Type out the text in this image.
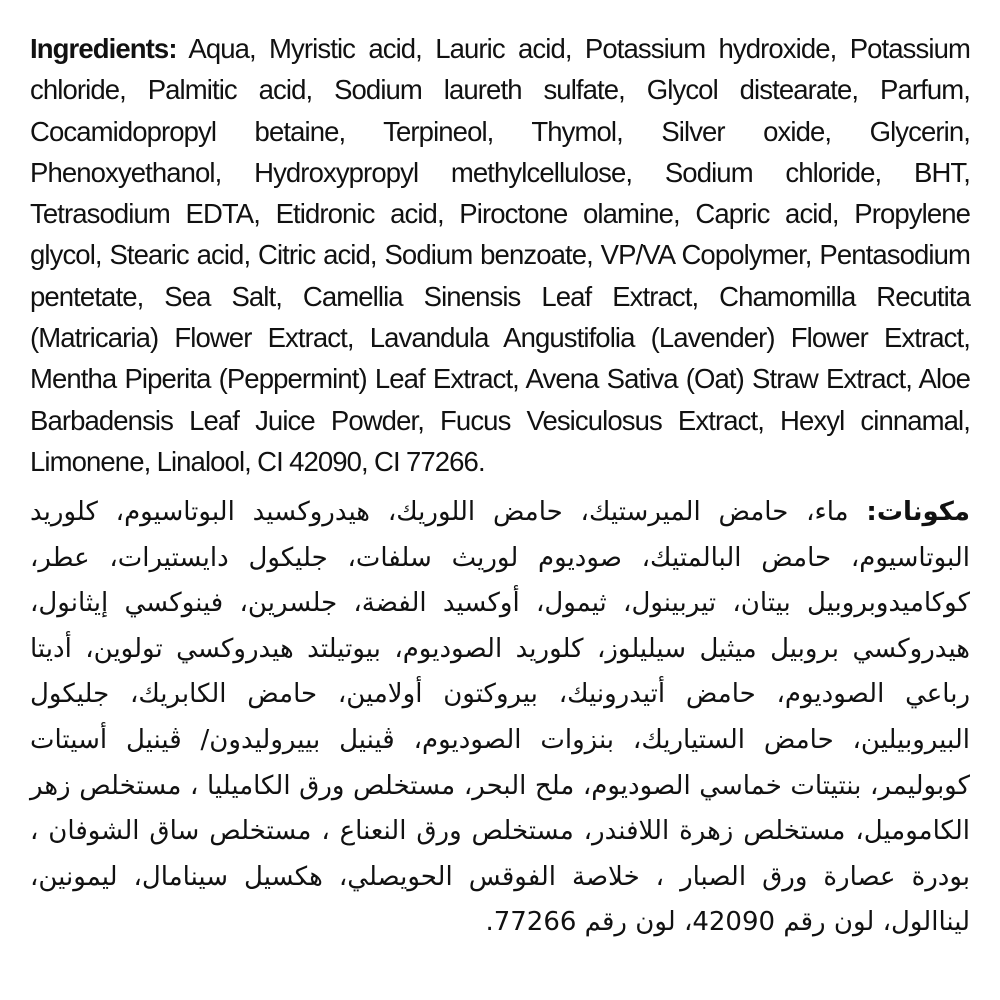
Ingredients: Aqua, Myristic acid, Lauric acid, Potassium hydroxide, Potassium chloride, Palmitic acid, Sodium laureth sulfate, Glycol distearate, Parfum, Cocamidopropyl betaine, Terpineol, Thymol, Silver oxide, Glycerin, Phenoxyethanol, Hydroxypropyl methylcellulose, Sodium chloride, BHT, Tetrasodium EDTA, Etidronic acid, Piroctone olamine, Capric acid, Propylene glycol, Stearic acid, Citric acid, Sodium benzoate, VP/VA Copolymer, Pentasodium pentetate, Sea Salt, Camellia Sinensis Leaf Extract, Chamomilla Recutita (Matricaria) Flower Extract, Lavandula Angustifolia (Lavender) Flower Extract, Mentha Piperita (Peppermint) Leaf Extract, Avena Sativa (Oat) Straw Extract, Aloe Barbadensis Leaf Juice Powder, Fucus Vesiculosus Extract, Hexyl cinnamal, Limonene, Linalool, CI 42090, CI 77266.
مكونات: ماء، حامض الميرستيك، حامض اللوريك، هيدروكسيد البوتاسيوم، كلوريد البوتاسيوم، حامض البالمتيك، صوديوم لوريث سلفات، جليكول دايستيرات، عطر، كوكاميدوبروبيل بيتان، تيربينول، ثيمول، أوكسيد الفضة، جلسرين، فينوكسي إيثانول، هيدروكسي بروبيل ميثيل سيليلوز، كلوريد الصوديوم، بيوتيلتد هيدروكسي تولوين، أديتا رباعي الصوديوم، حامض أتيدرونيك، بيروكتون أولامين، حامض الكابريك، جليكول البيروبيلين، حامض الستياريك، بنزوات الصوديوم، ڤينيل بييروليدون/ ڤينيل أسيتات كوبوليمر، بنتيتات خماسي الصوديوم، ملح البحر، مستخلص ورق الكاميليا ، مستخلص زهر الكاموميل، مستخلص زهرة اللافندر، مستخلص ورق النعناع ، مستخلص ساق الشوفان ، بودرة عصارة ورق الصبار ، خلاصة الفوقس الحويصلي، هكسيل سينامال، ليمونين، ليناالول، لون رقم 42090، لون رقم 77266.
